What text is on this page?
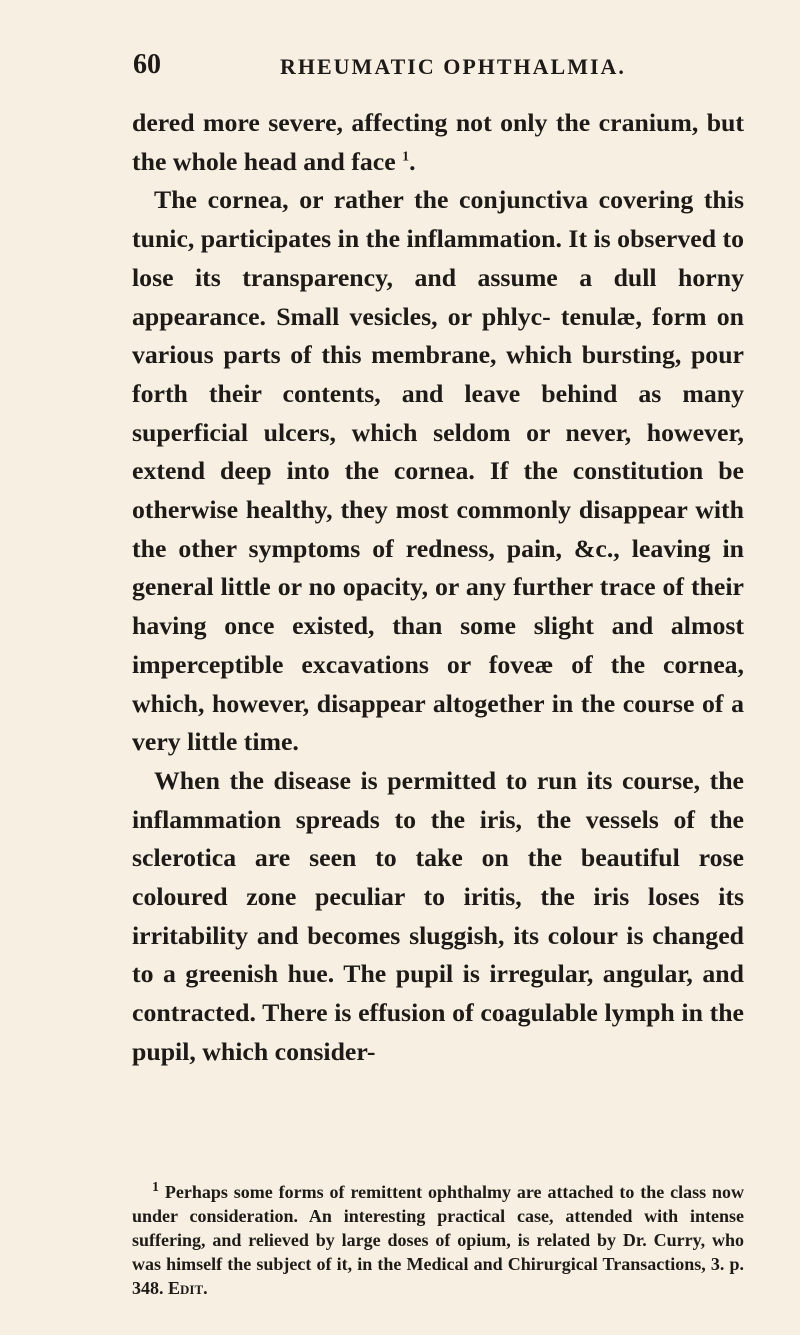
60	RHEUMATIC OPHTHALMIA.

dered more severe, affecting not only the cranium, but the whole head and face $^1$.

The cornea, or rather the conjunctiva covering this tunic, participates in the inflammation. It is observed to lose its transparency, and assume a dull horny appearance. Small vesicles, or phlyc- tenulæ, form on various parts of this membrane, which bursting, pour forth their contents, and leave behind as many superficial ulcers, which seldom or never, however, extend deep into the cornea. If the constitution be otherwise healthy, they most commonly disappear with the other symptoms of redness, pain, &c., leaving in general little or no opacity, or any further trace of their having once existed, than some slight and almost imperceptible excavations or foveæ of the cornea, which, however, disappear altogether in the course of a very little time.

When the disease is permitted to run its course, the inflammation spreads to the iris, the vessels of the sclerotica are seen to take on the beautiful rose coloured zone peculiar to iritis, the iris loses its irritability and becomes sluggish, its colour is changed to a greenish hue. The pupil is irregular, angular, and contracted. There is effusion of coagulable lymph in the pupil, which consider-

$^1$ Perhaps some forms of remittent ophthalmy are attached to the class now under consideration. An interesting practical case, attended with intense suffering, and relieved by large doses of opium, is related by Dr. Curry, who was himself the subject of it, in the Medical and Chirurgical Transactions, 3. p. 348. Edit.
